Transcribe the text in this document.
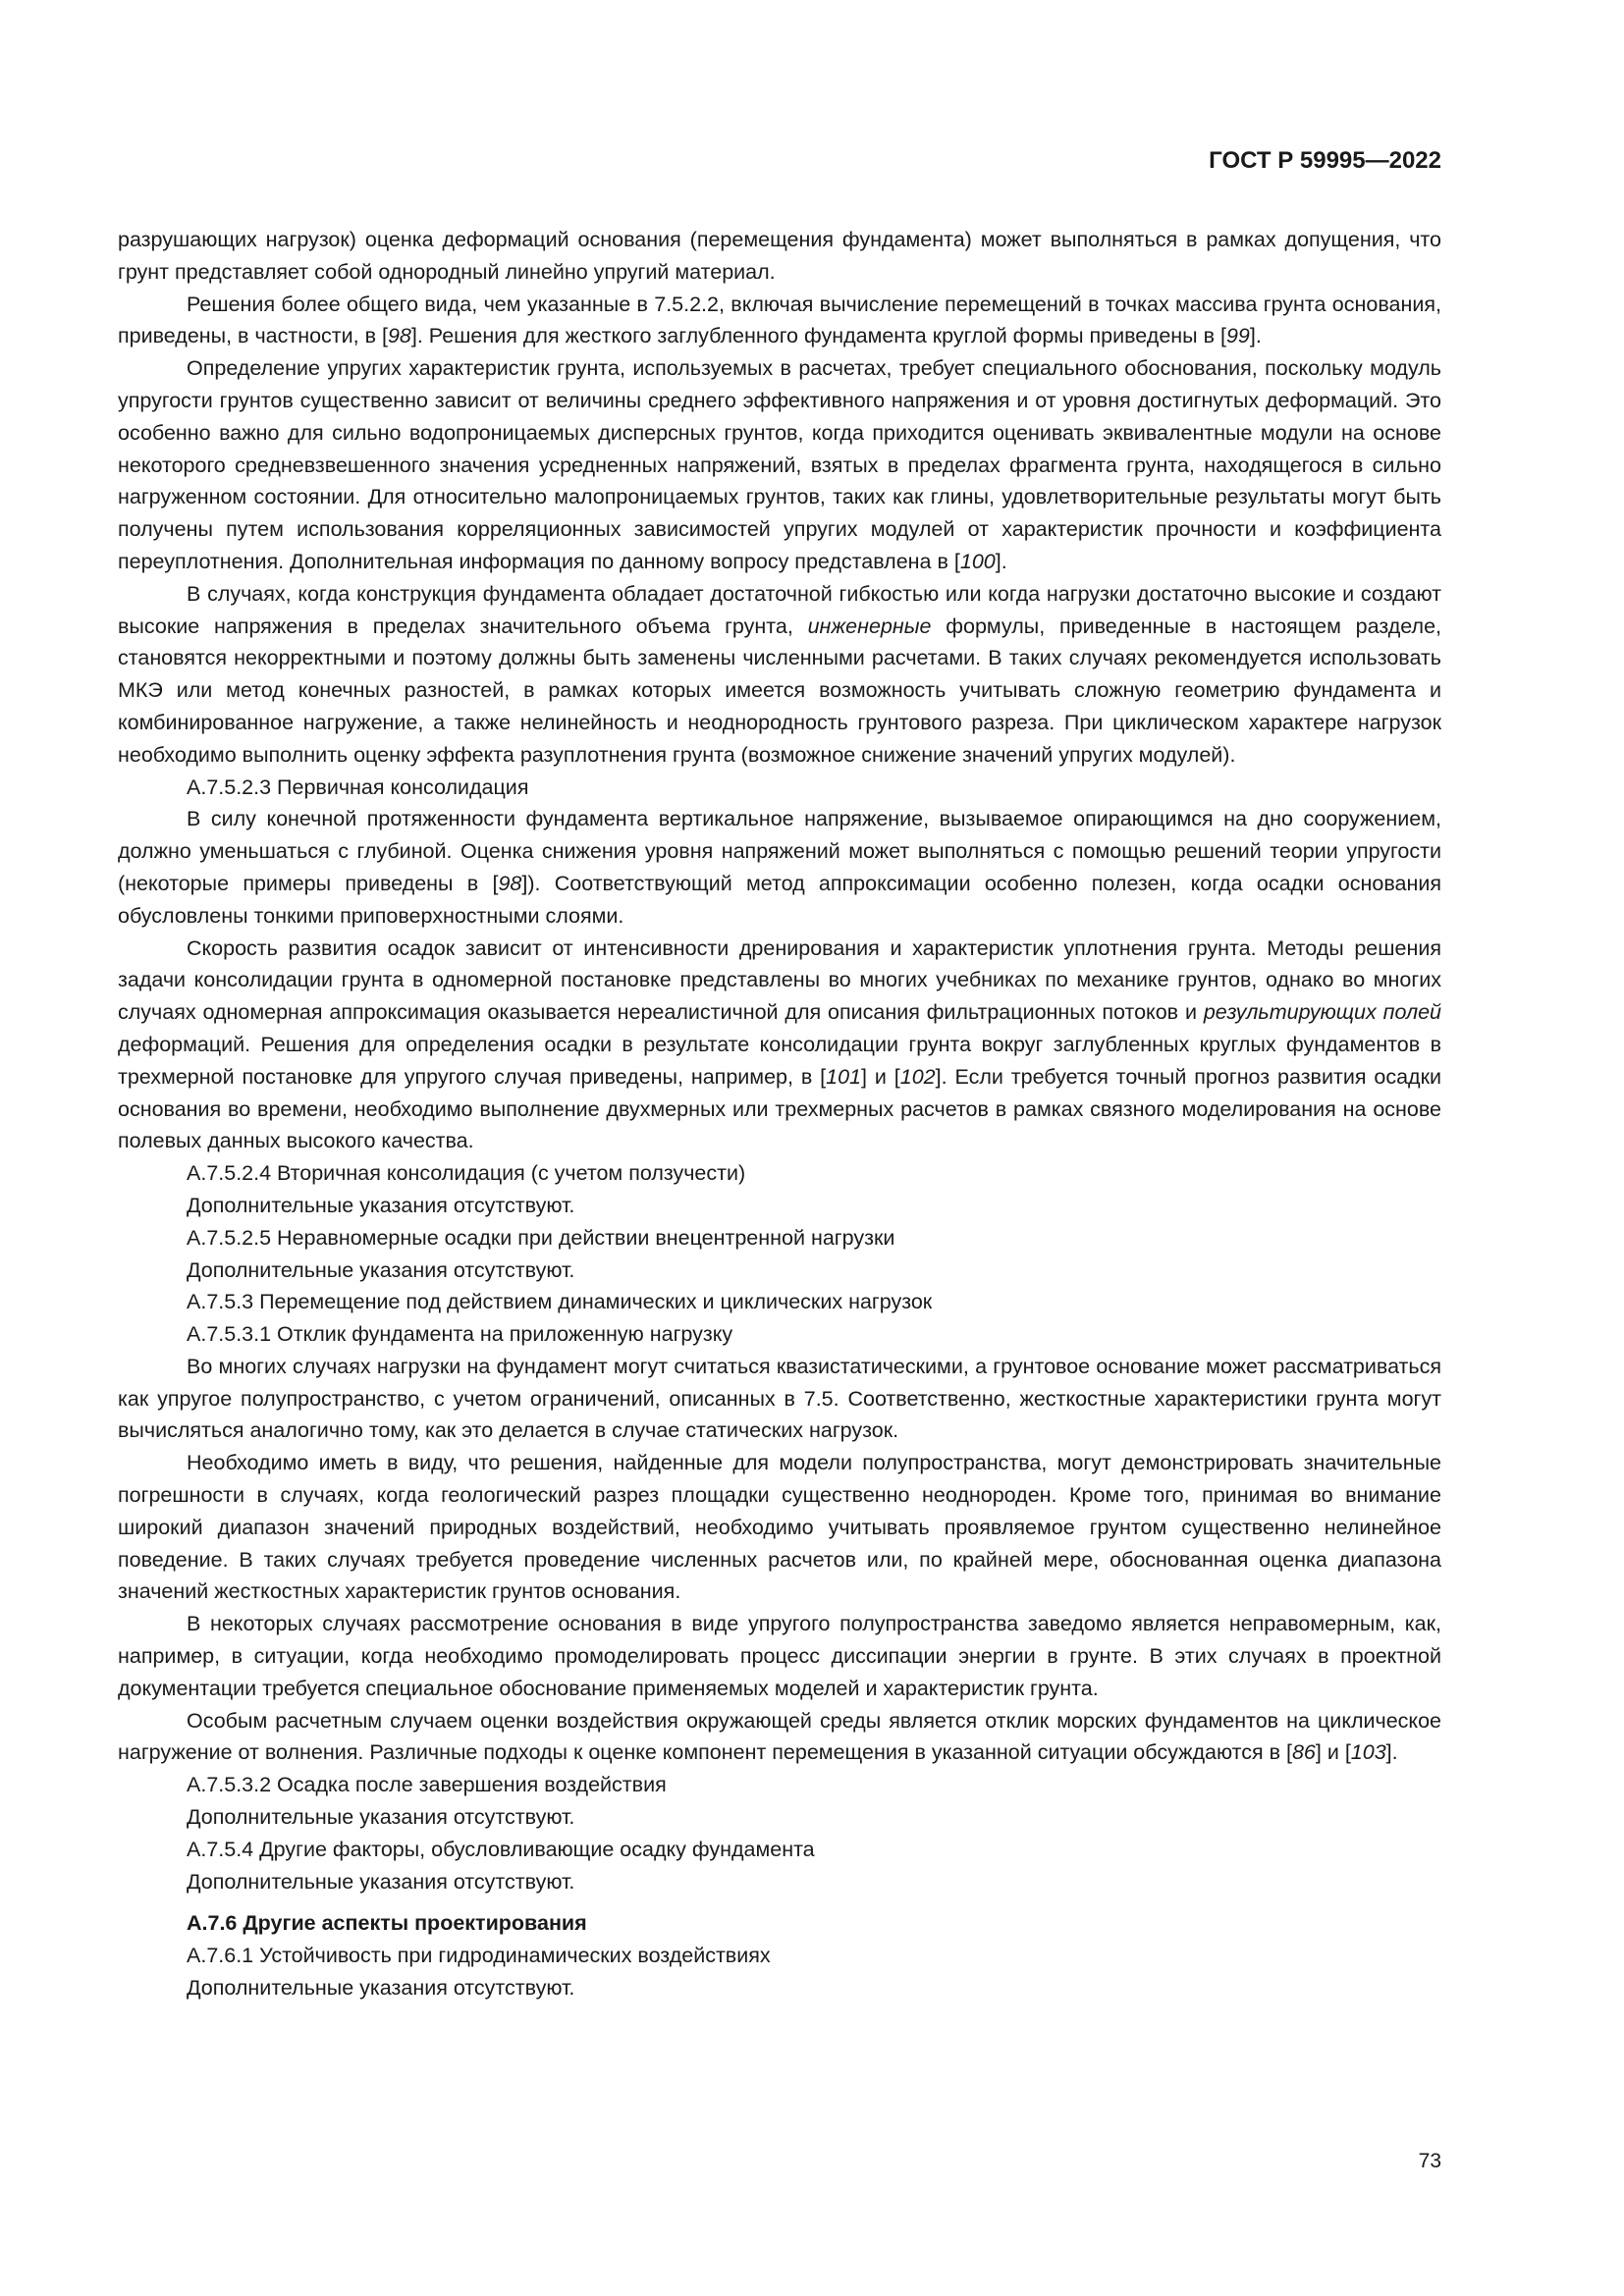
ГОСТ Р 59995—2022

разрушающих нагрузок) оценка деформаций основания (перемещения фундамента) может выполняться в рамках допущения, что грунт представляет собой однородный линейно упругий материал.

Решения более общего вида, чем указанные в 7.5.2.2, включая вычисление перемещений в точках массива грунта основания, приведены, в частности, в [98]. Решения для жесткого заглубленного фундамента круглой формы приведены в [99].

Определение упругих характеристик грунта, используемых в расчетах, требует специального обоснования, поскольку модуль упругости грунтов существенно зависит от величины среднего эффективного напряжения и от уровня достигнутых деформаций. Это особенно важно для сильно водопроницаемых дисперсных грунтов, когда приходится оценивать эквивалентные модули на основе некоторого средневзвешенного значения усредненных напряжений, взятых в пределах фрагмента грунта, находящегося в сильно нагруженном состоянии. Для относительно малопроницаемых грунтов, таких как глины, удовлетворительные результаты могут быть получены путем использования корреляционных зависимостей упругих модулей от характеристик прочности и коэффициента переуплотнения. Дополнительная информация по данному вопросу представлена в [100].

В случаях, когда конструкция фундамента обладает достаточной гибкостью или когда нагрузки достаточно высокие и создают высокие напряжения в пределах значительного объема грунта, инженерные формулы, приведенные в настоящем разделе, становятся некорректными и поэтому должны быть заменены численными расчетами. В таких случаях рекомендуется использовать МКЭ или метод конечных разностей, в рамках которых имеется возможность учитывать сложную геометрию фундамента и комбинированное нагружение, а также нелинейность и неоднородность грунтового разреза. При циклическом характере нагрузок необходимо выполнить оценку эффекта разуплотнения грунта (возможное снижение значений упругих модулей).

А.7.5.2.3 Первичная консолидация

В силу конечной протяженности фундамента вертикальное напряжение, вызываемое опирающимся на дно сооружением, должно уменьшаться с глубиной. Оценка снижения уровня напряжений может выполняться с помощью решений теории упругости (некоторые примеры приведены в [98]). Соответствующий метод аппроксимации особенно полезен, когда осадки основания обусловлены тонкими приповерхностными слоями.

Скорость развития осадок зависит от интенсивности дренирования и характеристик уплотнения грунта. Методы решения задачи консолидации грунта в одномерной постановке представлены во многих учебниках по механике грунтов, однако во многих случаях одномерная аппроксимация оказывается нереалистичной для описания фильтрационных потоков и результирующих полей деформаций. Решения для определения осадки в результате консолидации грунта вокруг заглубленных круглых фундаментов в трехмерной постановке для упругого случая приведены, например, в [101] и [102]. Если требуется точный прогноз развития осадки основания во времени, необходимо выполнение двухмерных или трехмерных расчетов в рамках связного моделирования на основе полевых данных высокого качества.

А.7.5.2.4 Вторичная консолидация (с учетом ползучести)

Дополнительные указания отсутствуют.

А.7.5.2.5 Неравномерные осадки при действии внецентренной нагрузки

Дополнительные указания отсутствуют.

А.7.5.3 Перемещение под действием динамических и циклических нагрузок

А.7.5.3.1 Отклик фундамента на приложенную нагрузку

Во многих случаях нагрузки на фундамент могут считаться квазистатическими, а грунтовое основание может рассматриваться как упругое полупространство, с учетом ограничений, описанных в 7.5. Соответственно, жесткостные характеристики грунта могут вычисляться аналогично тому, как это делается в случае статических нагрузок.

Необходимо иметь в виду, что решения, найденные для модели полупространства, могут демонстрировать значительные погрешности в случаях, когда геологический разрез площадки существенно неоднороден. Кроме того, принимая во внимание широкий диапазон значений природных воздействий, необходимо учитывать проявляемое грунтом существенно нелинейное поведение. В таких случаях требуется проведение численных расчетов или, по крайней мере, обоснованная оценка диапазона значений жесткостных характеристик грунтов основания.

В некоторых случаях рассмотрение основания в виде упругого полупространства заведомо является неправомерным, как, например, в ситуации, когда необходимо промоделировать процесс диссипации энергии в грунте. В этих случаях в проектной документации требуется специальное обоснование применяемых моделей и характеристик грунта.

Особым расчетным случаем оценки воздействия окружающей среды является отклик морских фундаментов на циклическое нагружение от волнения. Различные подходы к оценке компонент перемещения в указанной ситуации обсуждаются в [86] и [103].

А.7.5.3.2 Осадка после завершения воздействия

Дополнительные указания отсутствуют.

А.7.5.4 Другие факторы, обусловливающие осадку фундамента

Дополнительные указания отсутствуют.

А.7.6 Другие аспекты проектирования

А.7.6.1 Устойчивость при гидродинамических воздействиях

Дополнительные указания отсутствуют.

73
